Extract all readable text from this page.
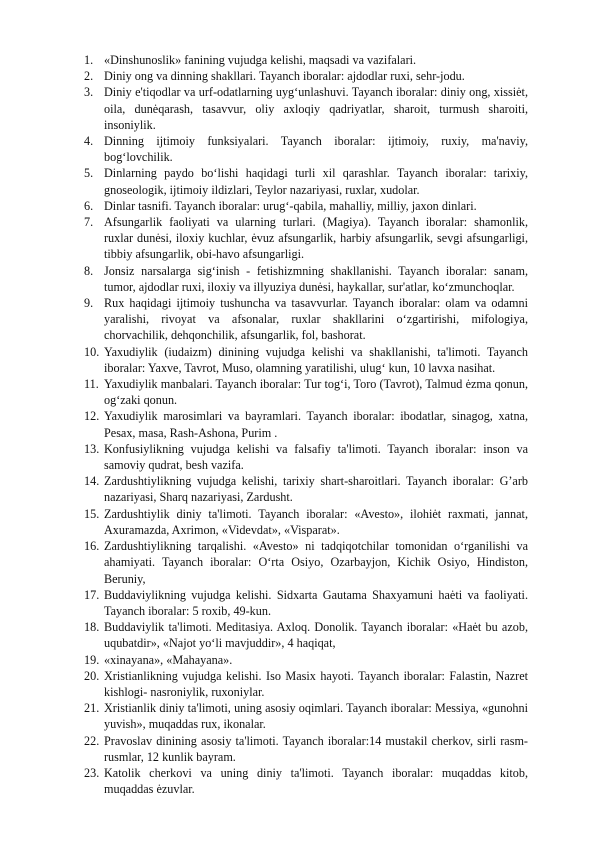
1. «Dinshunoslik» fanining vujudga kelishi, maqsadi va vazifalari.
2. Diniy ong va dinning shakllari. Tayanch iboralar: ajdodlar ruxi, sehr-jodu.
3. Diniy e'tiqodlar va urf-odatlarning uyg‘unlashuvi. Tayanch iboralar: diniy ong, xissiėt, oila, dunėqarash, tasavvur, oliy axloqiy qadriyatlar, sharoit, turmush sharoiti, insoniylik.
4. Dinning ijtimoiy funksiyalari. Tayanch iboralar: ijtimoiy, ruxiy, ma'naviy, bog‘lovchilik.
5. Dinlarning paydo bo‘lishi haqidagi turli xil qarashlar. Tayanch iboralar: tarixiy, gnoseologik, ijtimoiy ildizlari, Teylor nazariyasi, ruxlar, xudolar.
6. Dinlar tasnifi. Tayanch iboralar: urug‘-qabila, mahalliy, milliy, jaxon dinlari.
7. Afsungarlik faoliyati va ularning turlari. (Magiya). Tayanch iboralar: shamonlik, ruxlar dunėsi, iloxiy kuchlar, ėvuz afsungarlik, harbiy afsungarlik, sevgi afsungarligi, tibbiy afsungarlik, obi-havo afsungarligi.
8. Jonsiz narsalarga sig‘inish - fetishizmning shakllanishi. Tayanch iboralar: sanam, tumor, ajdodlar ruxi, iloxiy va illyuziya dunėsi, haykallar, sur'atlar, ko‘zmunchoqlar.
9. Rux haqidagi ijtimoiy tushuncha va tasavvurlar. Tayanch iboralar: olam va odamni yaralishi, rivoyat va afsonalar, ruxlar shakllarini o‘zgartirishi, mifologiya, chorvachilik, dehqonchilik, afsungarlik, fol, bashorat.
10. Yaxudiylik (iudaizm) dinining vujudga kelishi va shakllanishi, ta'limoti. Tayanch iboralar: Yaxve, Tavrot, Muso, olamning yaratilishi, ulug‘ kun, 10 lavxa nasihat.
11. Yaxudiylik manbalari. Tayanch iboralar: Tur tog‘i, Toro (Tavrot), Talmud ėzma qonun, og‘zaki qonun.
12. Yaxudiylik marosimlari va bayramlari. Tayanch iboralar: ibodatlar, sinagog, xatna, Pesax, masa, Rash-Ashona, Purim .
13. Konfusiylikning vujudga kelishi va falsafiy ta'limoti. Tayanch iboralar: inson va samoviy qudrat, besh vazifa.
14. Zardushtiylikning vujudga kelishi, tarixiy shart-sharoitlari. Tayanch iboralar: G’arb nazariyasi, Sharq nazariyasi, Zardusht.
15. Zardushtiylik diniy ta'limoti. Tayanch iboralar: «Avesto», ilohiėt raxmati, jannat, Axuramazda, Axrimon, «Videvdat», «Visparat».
16. Zardushtiylikning tarqalishi. «Avesto» ni tadqiqotchilar tomonidan o‘rganilishi va ahamiyati. Tayanch iboralar: O‘rta Osiyo, Ozarbayjon, Kichik Osiyo, Hindiston, Beruniy,
17. Buddaviylikning vujudga kelishi. Sidxarta Gautama Shaxyamuni haėti va faoliyati. Tayanch iboralar: 5 roxib, 49-kun.
18. Buddaviylik ta'limoti. Meditasiya. Axloq. Donolik. Tayanch iboralar: «Haėt bu azob, uqubatdir», «Najot yo‘li mavjuddir», 4 haqiqat,
19. «xinayana», «Mahayana».
20. Xristianlikning vujudga kelishi. Iso Masix hayoti. Tayanch iboralar: Falastin, Nazret kishlogi- nasroniylik, ruxoniylar.
21. Xristianlik diniy ta'limoti, uning asosiy oqimlari. Tayanch iboralar: Messiya, «gunohni yuvish», muqaddas rux, ikonalar.
22. Pravoslav dinining asosiy ta'limoti. Tayanch iboralar:14 mustakil cherkov, sirli rasm-rusmlar, 12 kunlik bayram.
23. Katolik cherkovi va uning diniy ta'limoti. Tayanch iboralar: muqaddas kitob, muqaddas ėzuvlar.
